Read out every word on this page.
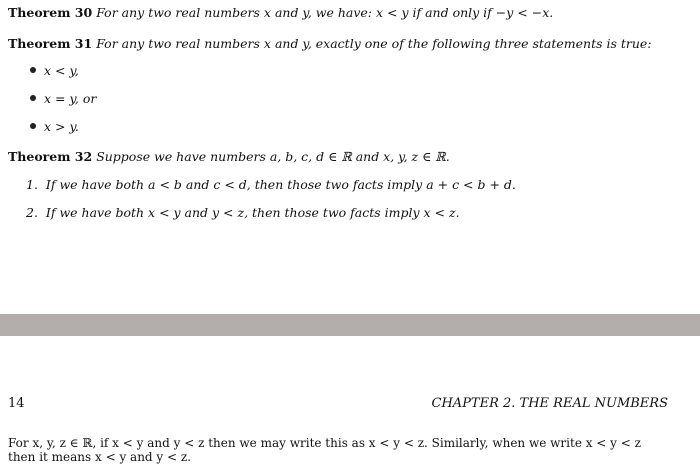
Theorem 30 For any two real numbers x and y, we have: x < y if and only if −y < −x.
Theorem 31 For any two real numbers x and y, exactly one of the following three statements is true:
x < y,
x = y, or
x > y.
Theorem 32 Suppose we have numbers a, b, c, d ∈ ℝ and x, y, z ∈ ℝ.
1. If we have both a < b and c < d, then those two facts imply a + c < b + d.
2. If we have both x < y and y < z, then those two facts imply x < z.
14	CHAPTER 2. THE REAL NUMBERS
For x, y, z ∈ ℝ, if x < y and y < z then we may write this as x < y < z. Similarly, when we write x < y < z
then it means x < y and y < z.
